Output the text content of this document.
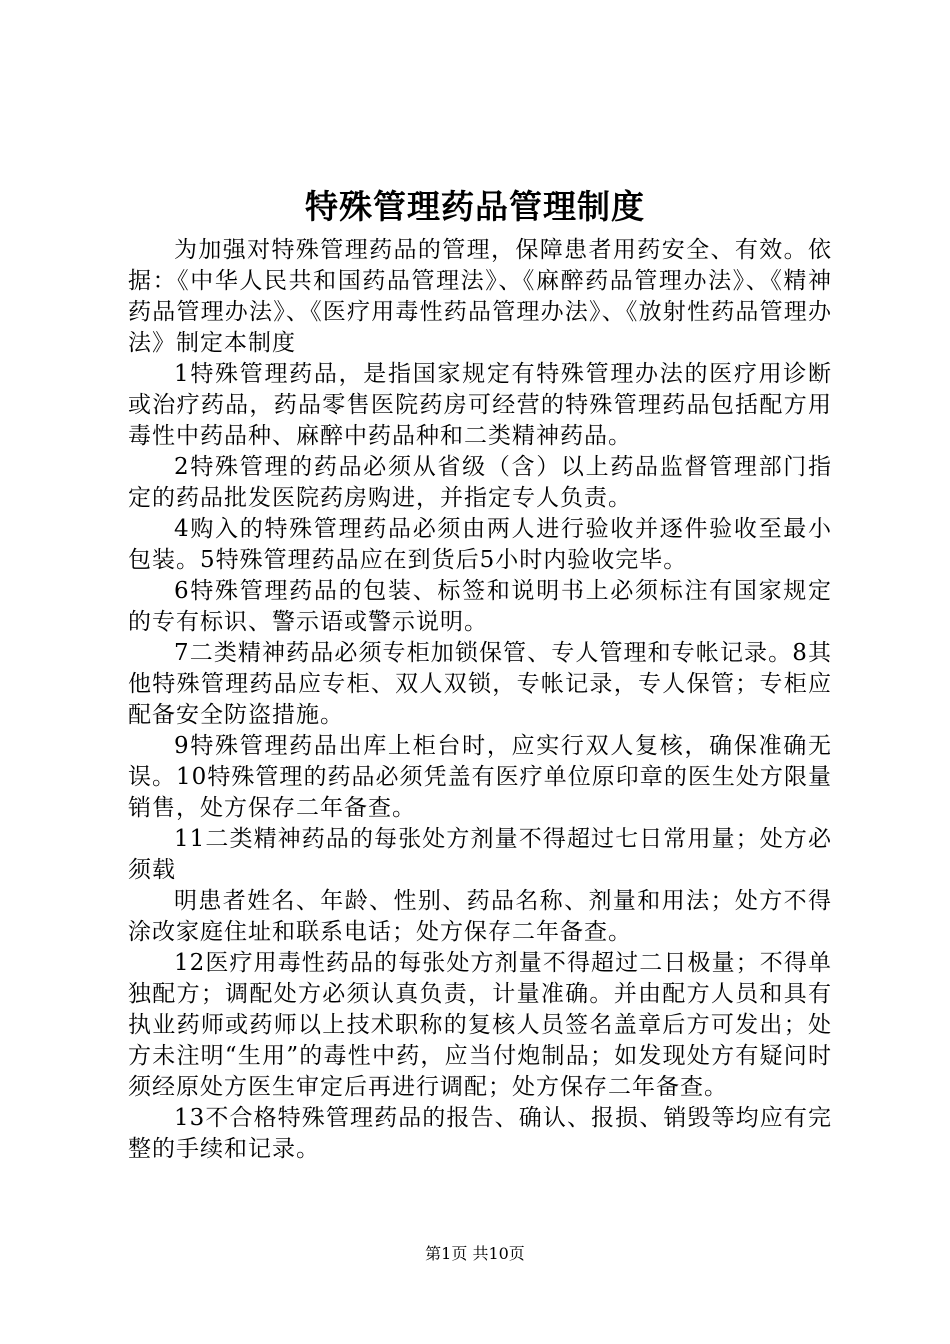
特殊管理药品管理制度

为加强对特殊管理药品的管理，保障患者用药安全、有效。依据：《中华人民共和国药品管理法》、《麻醉药品管理办法》、《精神药品管理办法》、《医疗用毒性药品管理办法》、《放射性药品管理办法》制定本制度

1特殊管理药品，是指国家规定有特殊管理办法的医疗用诊断或治疗药品，药品零售医院药房可经营的特殊管理药品包括配方用毒性中药品种、麻醉中药品种和二类精神药品。

2特殊管理的药品必须从省级（含）以上药品监督管理部门指定的药品批发医院药房购进，并指定专人负责。

4购入的特殊管理药品必须由两人进行验收并逐件验收至最小包装。5特殊管理药品应在到货后5小时内验收完毕。

6特殊管理药品的包装、标签和说明书上必须标注有国家规定的专有标识、警示语或警示说明。

7二类精神药品必须专柜加锁保管、专人管理和专帐记录。8其他特殊管理药品应专柜、双人双锁，专帐记录，专人保管；专柜应配备安全防盗措施。

9特殊管理药品出库上柜台时，应实行双人复核，确保准确无误。10特殊管理的药品必须凭盖有医疗单位原印章的医生处方限量销售，处方保存二年备查。

11二类精神药品的每张处方剂量不得超过七日常用量；处方必须载

明患者姓名、年龄、性别、药品名称、剂量和用法；处方不得涂改家庭住址和联系电话；处方保存二年备查。

12医疗用毒性药品的每张处方剂量不得超过二日极量；不得单独配方；调配处方必须认真负责，计量准确。并由配方人员和具有执业药师或药师以上技术职称的复核人员签名盖章后方可发出；处方未注明“生用”的毒性中药，应当付炮制品；如发现处方有疑问时须经原处方医生审定后再进行调配；处方保存二年备查。

13不合格特殊管理药品的报告、确认、报损、销毁等均应有完整的手续和记录。

第1页 共10页
